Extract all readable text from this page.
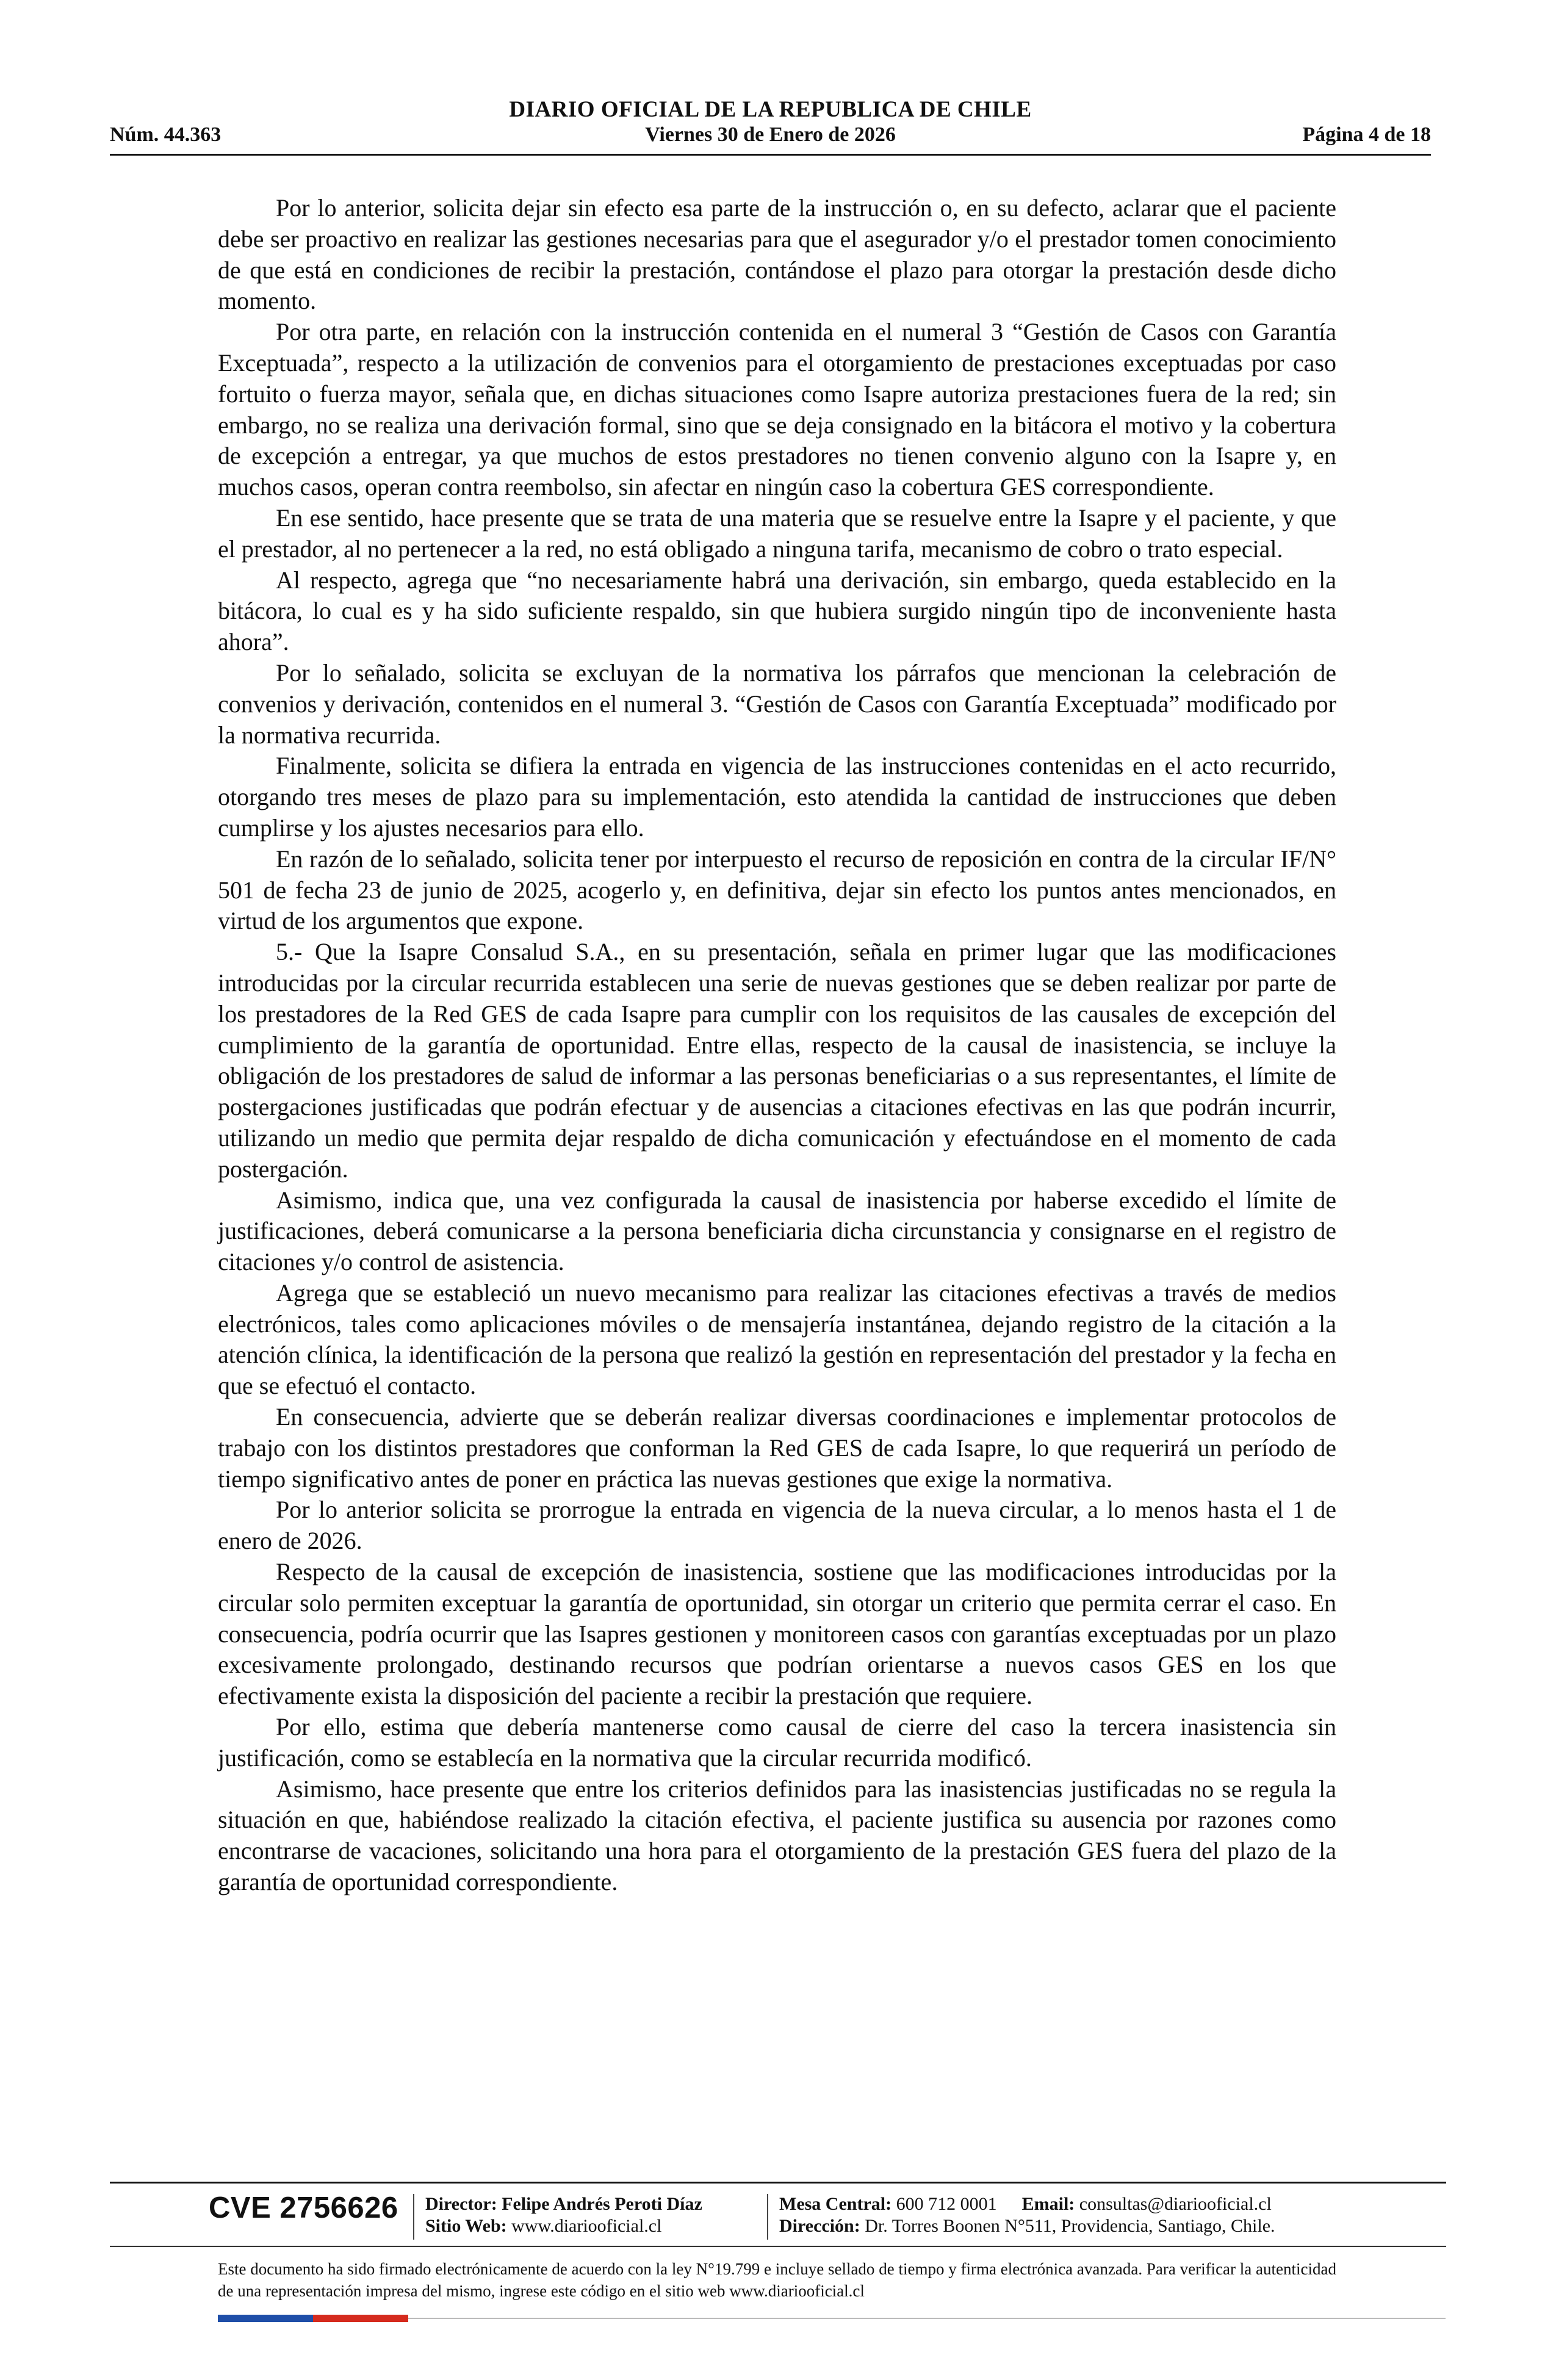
DIARIO OFICIAL DE LA REPUBLICA DE CHILE
Núm. 44.363	Viernes 30 de Enero de 2026	Página 4 de 18

Por lo anterior, solicita dejar sin efecto esa parte de la instrucción o, en su defecto, aclarar que el paciente debe ser proactivo en realizar las gestiones necesarias para que el asegurador y/o el prestador tomen conocimiento de que está en condiciones de recibir la prestación, contándose el plazo para otorgar la prestación desde dicho momento.

Por otra parte, en relación con la instrucción contenida en el numeral 3 “Gestión de Casos con Garantía Exceptuada”, respecto a la utilización de convenios para el otorgamiento de prestaciones exceptuadas por caso fortuito o fuerza mayor, señala que, en dichas situaciones como Isapre autoriza prestaciones fuera de la red; sin embargo, no se realiza una derivación formal, sino que se deja consignado en la bitácora el motivo y la cobertura de excepción a entregar, ya que muchos de estos prestadores no tienen convenio alguno con la Isapre y, en muchos casos, operan contra reembolso, sin afectar en ningún caso la cobertura GES correspondiente.

En ese sentido, hace presente que se trata de una materia que se resuelve entre la Isapre y el paciente, y que el prestador, al no pertenecer a la red, no está obligado a ninguna tarifa, mecanismo de cobro o trato especial.

Al respecto, agrega que “no necesariamente habrá una derivación, sin embargo, queda establecido en la bitácora, lo cual es y ha sido suficiente respaldo, sin que hubiera surgido ningún tipo de inconveniente hasta ahora”.

Por lo señalado, solicita se excluyan de la normativa los párrafos que mencionan la celebración de convenios y derivación, contenidos en el numeral 3. “Gestión de Casos con Garantía Exceptuada” modificado por la normativa recurrida.

Finalmente, solicita se difiera la entrada en vigencia de las instrucciones contenidas en el acto recurrido, otorgando tres meses de plazo para su implementación, esto atendida la cantidad de instrucciones que deben cumplirse y los ajustes necesarios para ello.

En razón de lo señalado, solicita tener por interpuesto el recurso de reposición en contra de la circular IF/N° 501 de fecha 23 de junio de 2025, acogerlo y, en definitiva, dejar sin efecto los puntos antes mencionados, en virtud de los argumentos que expone.

5.- Que la Isapre Consalud S.A., en su presentación, señala en primer lugar que las modificaciones introducidas por la circular recurrida establecen una serie de nuevas gestiones que se deben realizar por parte de los prestadores de la Red GES de cada Isapre para cumplir con los requisitos de las causales de excepción del cumplimiento de la garantía de oportunidad. Entre ellas, respecto de la causal de inasistencia, se incluye la obligación de los prestadores de salud de informar a las personas beneficiarias o a sus representantes, el límite de postergaciones justificadas que podrán efectuar y de ausencias a citaciones efectivas en las que podrán incurrir, utilizando un medio que permita dejar respaldo de dicha comunicación y efectuándose en el momento de cada postergación.

Asimismo, indica que, una vez configurada la causal de inasistencia por haberse excedido el límite de justificaciones, deberá comunicarse a la persona beneficiaria dicha circunstancia y consignarse en el registro de citaciones y/o control de asistencia.

Agrega que se estableció un nuevo mecanismo para realizar las citaciones efectivas a través de medios electrónicos, tales como aplicaciones móviles o de mensajería instantánea, dejando registro de la citación a la atención clínica, la identificación de la persona que realizó la gestión en representación del prestador y la fecha en que se efectuó el contacto.

En consecuencia, advierte que se deberán realizar diversas coordinaciones e implementar protocolos de trabajo con los distintos prestadores que conforman la Red GES de cada Isapre, lo que requerirá un período de tiempo significativo antes de poner en práctica las nuevas gestiones que exige la normativa.

Por lo anterior solicita se prorrogue la entrada en vigencia de la nueva circular, a lo menos hasta el 1 de enero de 2026.

Respecto de la causal de excepción de inasistencia, sostiene que las modificaciones introducidas por la circular solo permiten exceptuar la garantía de oportunidad, sin otorgar un criterio que permita cerrar el caso. En consecuencia, podría ocurrir que las Isapres gestionen y monitoreen casos con garantías exceptuadas por un plazo excesivamente prolongado, destinando recursos que podrían orientarse a nuevos casos GES en los que efectivamente exista la disposición del paciente a recibir la prestación que requiere.

Por ello, estima que debería mantenerse como causal de cierre del caso la tercera inasistencia sin justificación, como se establecía en la normativa que la circular recurrida modificó.

Asimismo, hace presente que entre los criterios definidos para las inasistencias justificadas no se regula la situación en que, habiéndose realizado la citación efectiva, el paciente justifica su ausencia por razones como encontrarse de vacaciones, solicitando una hora para el otorgamiento de la prestación GES fuera del plazo de la garantía de oportunidad correspondiente.

CVE 2756626 Director: Felipe Andrés Peroti Díaz
Sitio Web: www.diariooficial.cl
Mesa Central: 600 712 0001 Email: consultas@diariooficial.cl
Dirección: Dr. Torres Boonen N°511, Providencia, Santiago, Chile.
Este documento ha sido firmado electrónicamente de acuerdo con la ley N°19.799 e incluye sellado de tiempo y firma electrónica avanzada. Para verificar la autenticidad de una representación impresa del mismo, ingrese este código en el sitio web www.diariooficial.cl
